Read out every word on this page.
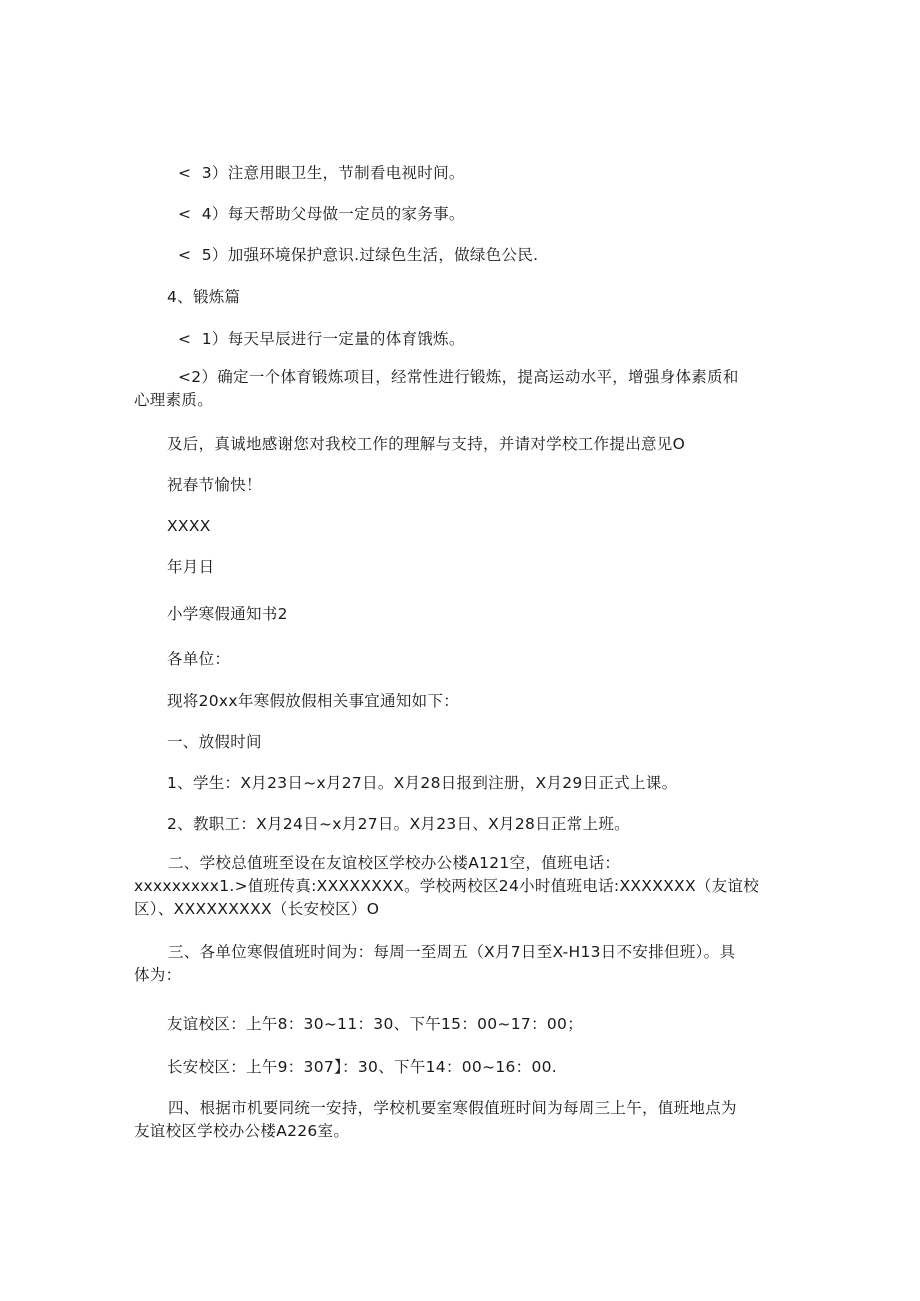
<  3）注意用眼卫生，节制看电视时间。
<  4）每天帮助父母做一定员的家务事。
<  5）加强环境保护意识.过绿色生活，做绿色公民.
4、锻炼篇
<  1）每天早辰进行一定量的体育饿炼。
<2）确定一个体育锻炼项目，经常性进行锻炼，提高运动水平，增强身体素质和
心理素质。
及后，真诚地感谢您对我校工作的理解与支持，并请对学校工作提出意见O
祝春节愉快！
XXXX
年月日
小学寒假通知书2
各单位：
现将20xx年寒假放假相关事宜通知如下：
一、放假时间
1、学生：X月23日~x月27日。X月28日报到注册，X月29日正式上课。
2、教职工：X月24日~x月27日。X月23日、X月28日正常上班。
二、学校总值班至设在友谊校区学校办公楼A121空，值班电话：
xxxxxxxxx1.>值班传真:XXXXXXXX。学校两校区24小时值班电话:XXXXXXX（友谊校
区）、XXXXXXXXX（长安校区）O
三、各单位寒假值班时间为：每周一至周五（X月7日至X-H13日不安排但班）。具
体为：
友谊校区：上午8：30~11：30、下午15：00~17：00；
长安校区：上午9：307】：30、下午14：00~16：00.
四、根据市机要同统一安持，学校机要室寒假值班时间为每周三上午，值班地点为
友谊校区学校办公楼A226室。
